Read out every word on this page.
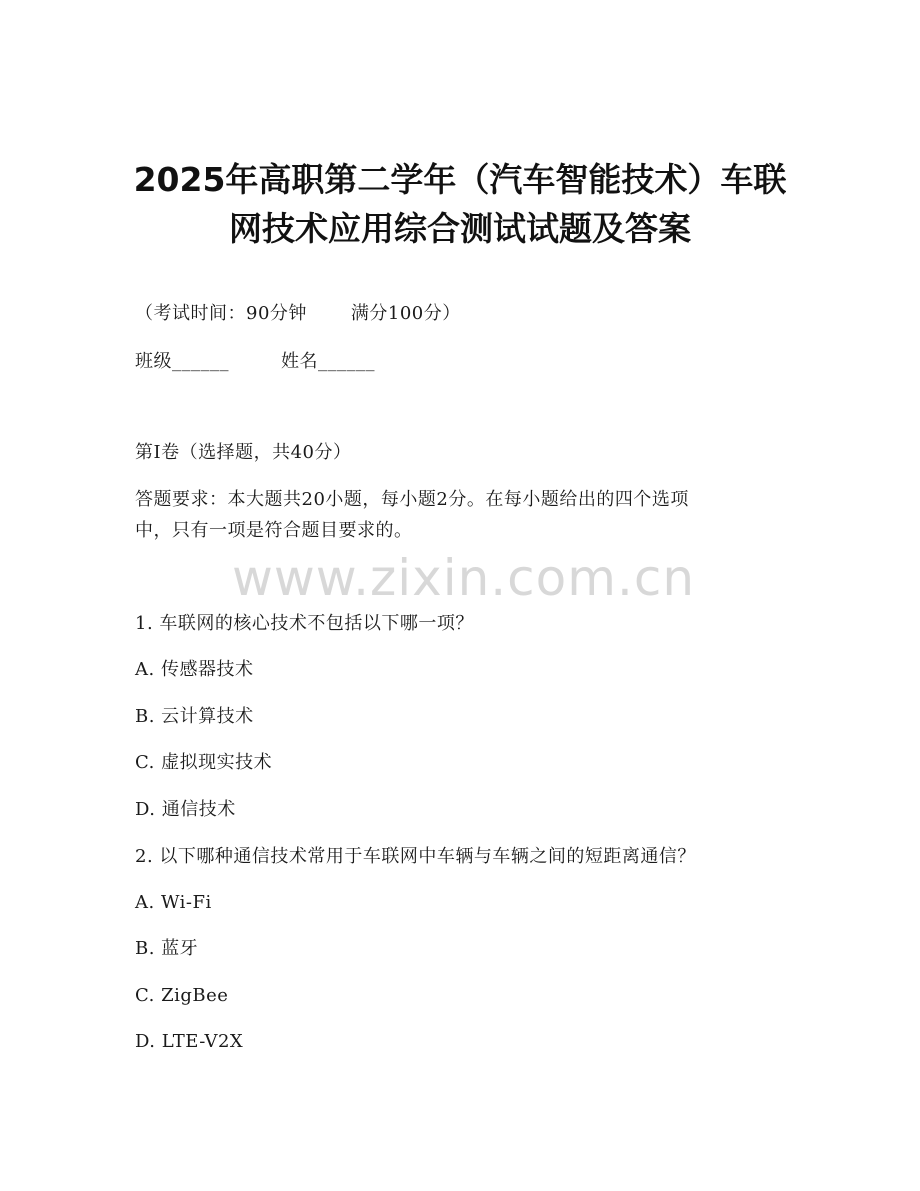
2025年高职第二学年（汽车智能技术）车联
网技术应用综合测试试题及答案
（考试时间：90分钟 满分100分）
班级______	姓名______
第I卷（选择题，共40分）
答题要求：本大题共20小题，每小题2分。在每小题给出的四个选项
中，只有一项是符合题目要求的。
www.zixin.com.cn
1. 车联网的核心技术不包括以下哪一项？
A. 传感器技术
B. 云计算技术
C. 虚拟现实技术
D. 通信技术
2. 以下哪种通信技术常用于车联网中车辆与车辆之间的短距离通信？
A. Wi-Fi
B. 蓝牙
C. ZigBee
D. LTE-V2X
